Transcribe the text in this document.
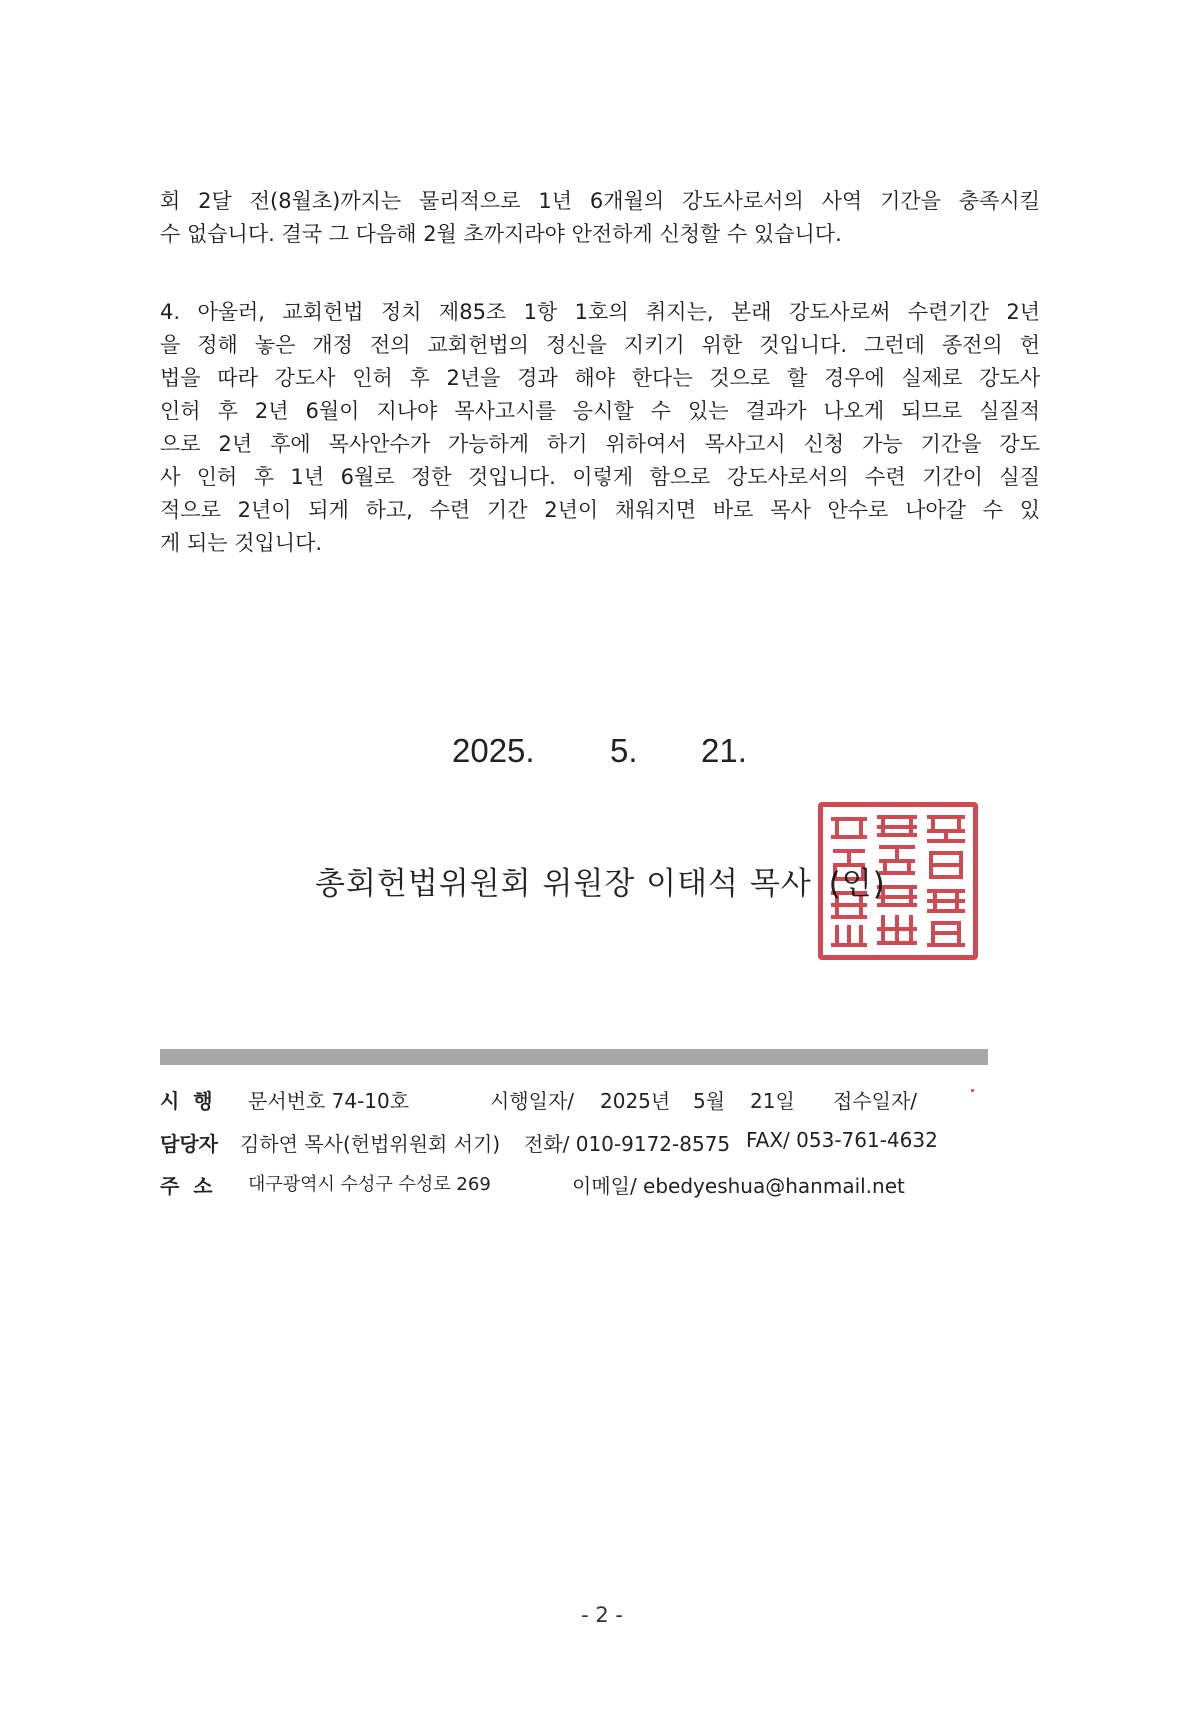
회 2달 전(8월초)까지는 물리적으로 1년 6개월의 강도사로서의 사역 기간을 충족시킬
수 없습니다. 결국 그 다음해 2월 초까지라야 안전하게 신청할 수 있습니다.
4. 아울러, 교회헌법 정치 제85조 1항 1호의 취지는, 본래 강도사로써 수련기간 2년
을 정해 놓은 개정 전의 교회헌법의 정신을 지키기 위한 것입니다. 그런데 종전의 헌
법을 따라 강도사 인허 후 2년을 경과 해야 한다는 것으로 할 경우에 실제로 강도사
인허 후 2년 6월이 지나야 목사고시를 응시할 수 있는 결과가 나오게 되므로 실질적
으로 2년 후에 목사안수가 가능하게 하기 위하여서 목사고시 신청 가능 기간을 강도
사 인허 후 1년 6월로 정한 것입니다. 이렇게 함으로 강도사로서의 수련 기간이 실질
적으로 2년이 되게 하고, 수련 기간 2년이 채워지면 바로 목사 안수로 나아갈 수 있
게 되는 것입니다.
2025. 5. 21.
총회헌법위원회 위원장 이태석 목사 (인)
시  행 문서번호 74-10호	시행일자/ 2025년 5월 21일 접수일자/
담당자 김하연 목사(헌법위원회 서기) 전화/ 010-9172-8575 FAX/ 053-761-4632
주  소 대구광역시 수성구 수성로 269	이메일/ ebedyeshua@hanmail.net
- 2 -
